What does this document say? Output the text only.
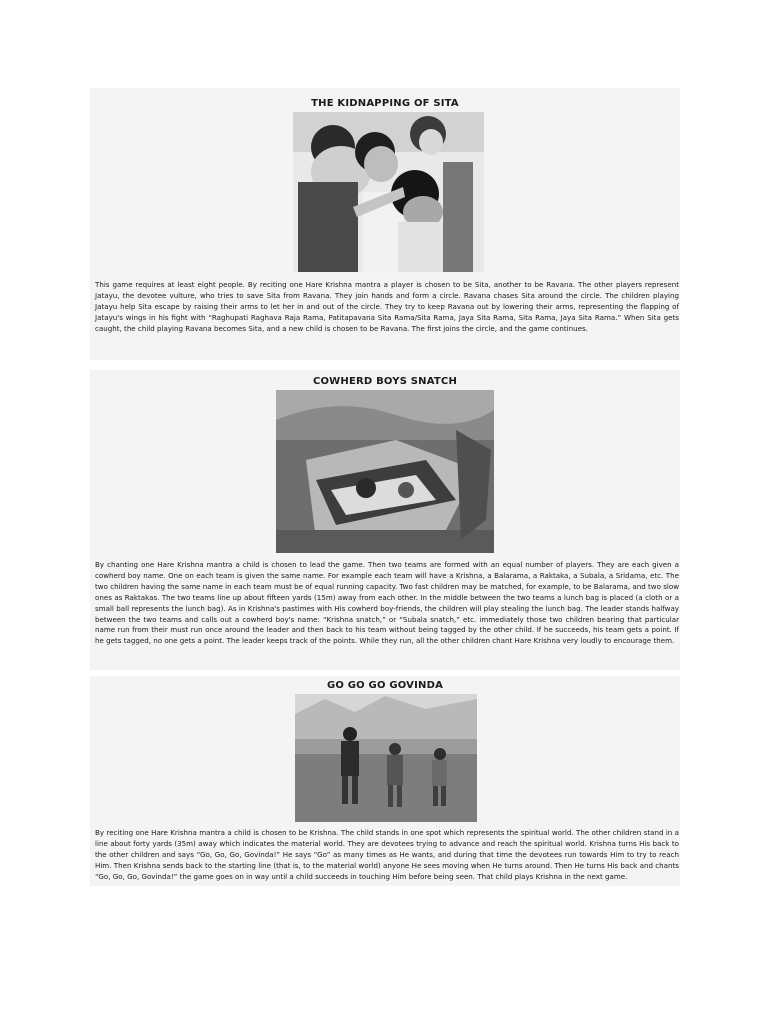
THE KIDNAPPING OF SITA

This game requires at least eight people. By reciting one Hare Krishna mantra a player is chosen to be Sita, another to be Ravana. The other players represent Jatayu, the devotee vulture, who tries to save Sita from Ravana. They join hands and form a circle. Ravana chases Sita around the circle. The children playing Jatayu help Sita escape by raising their arms to let her in and out of the circle. They try to keep Ravana out by lowering their arms, representing the flapping of Jatayu's wings in his fight with “Raghupati Raghava Raja Rama, Patitapavana Sita Rama/Sita Rama, Jaya Sita Rama, Sita Rama, Jaya Sita Rama.” When Sita gets caught, the child playing Ravana becomes Sita, and a new child is chosen to be Ravana. The first joins the circle, and the game continues.

COWHERD BOYS SNATCH

By chanting one Hare Krishna mantra a child is chosen to lead the game. Then two teams are formed with an equal number of players. They are each given a cowherd boy name. One on each team is given the same name. For example each team will have a Krishna, a Balarama, a Raktaka, a Subala, a Sridama, etc. The two children having the same name in each team must be of equal running capacity. Two fast children may be matched, for example, to be Balarama, and two slow ones as Raktakas. The two teams line up about fifteen yards (15m) away from each other. In the middle between the two teams a lunch bag is placed (a cloth or a small ball represents the lunch bag). As in Krishna's pastimes with His cowherd boy-friends, the children will play stealing the lunch bag. The leader stands halfway between the two teams and calls out a cowherd boy's name: “Krishna snatch,” or “Subala snatch,” etc. immediately those two children bearing that particular name run from their must run once around the leader and then back to his team without being tagged by the other child. If he succeeds, his team gets a point. If he gets tagged, no one gets a point. The leader keeps track of the points. While they run, all the other children chant Hare Krishna very loudly to encourage them.

GO GO GO GOVINDA

By reciting one Hare Krishna mantra a child is chosen to be Krishna. The child stands in one spot which represents the spiritual world. The other children stand in a line about forty yards (35m) away which indicates the material world. They are devotees trying to advance and reach the spiritual world. Krishna turns His back to the other children and says “Go, Go, Go, Govinda!” He says “Go” as many times as He wants, and during that time the devotees run towards Him to try to reach Him. Then Krishna sends back to the starting line (that is, to the material world) anyone He sees moving when He turns around. Then He turns His back and chants “Go, Go, Go, Govinda!” the game goes on in way until a child succeeds in touching Him before being seen. That child plays Krishna in the next game.
